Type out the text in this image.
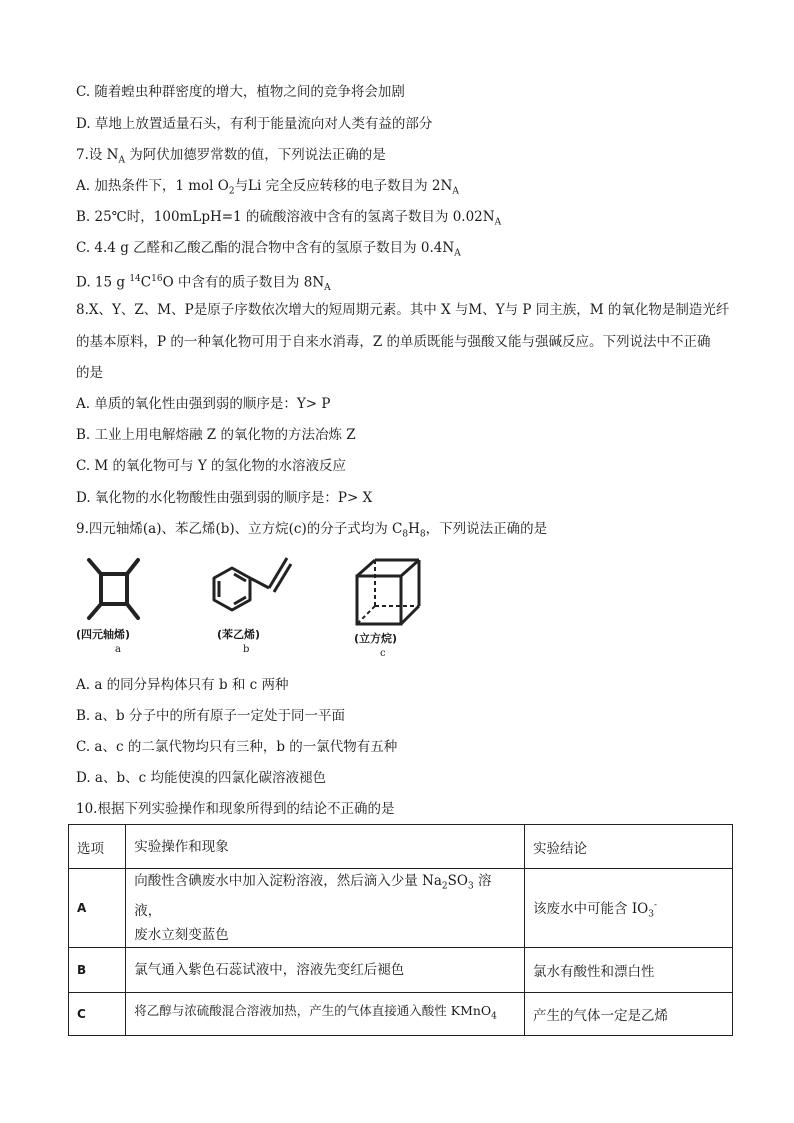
C. 随着蝗虫种群密度的增大，植物之间的竞争将会加剧
D. 草地上放置适量石头，有利于能量流向对人类有益的部分
7.设 $N_A$ 为阿伏加德罗常数的值，下列说法正确的是
A. 加热条件下，1 mol $O_2$与Li 完全反应转移的电子数目为 $2N_A$
B. 25℃时，100mLpH=1 的硫酸溶液中含有的氢离子数目为 $0.02N_A$
C. 4.4 g 乙醛和乙酸乙酯的混合物中含有的氢原子数目为 $0.4N_A$
D. 15 g $^{14}C^{16}O$ 中含有的质子数目为 $8N_A$
8.X、Y、Z、M、P是原子序数依次增大的短周期元素。其中 X 与M、Y与 P 同主族，M 的氧化物是制造光纤
的基本原料，P 的一种氧化物可用于自来水消毒，Z 的单质既能与强酸又能与强碱反应。下列说法中不正确
的是
A. 单质的氧化性由强到弱的顺序是：Y> P
B. 工业上用电解熔融 Z 的氧化物的方法冶炼 Z
C. M 的氧化物可与 Y 的氢化物的水溶液反应
D. 氧化物的水化物酸性由强到弱的顺序是：P> X
9.四元轴烯(a)、苯乙烯(b)、立方烷(c)的分子式均为 $C_8H_8$，下列说法正确的是
(四元轴烯)
a
(苯乙烯)
b
(立方烷)
c
A. a 的同分异构体只有 b 和 c 两种
B. a、b 分子中的所有原子一定处于同一平面
C. a、c 的二氯代物均只有三种，b 的一氯代物有五种
D. a、b、c 均能使溴的四氯化碳溶液褪色
10.根据下列实验操作和现象所得到的结论不正确的是
选项	实验操作和现象	实验结论
A	向酸性含碘废水中加入淀粉溶液，然后滴入少量 $Na_2SO_3$ 溶液，
废水立刻变蓝色	该废水中可能含 $IO_3^-$
B	氯气通入紫色石蕊试液中，溶液先变红后褪色	氯水有酸性和漂白性
C	将乙醇与浓硫酸混合溶液加热，产生的气体直接通入酸性 KMnO$_4$	产生的气体一定是乙烯
